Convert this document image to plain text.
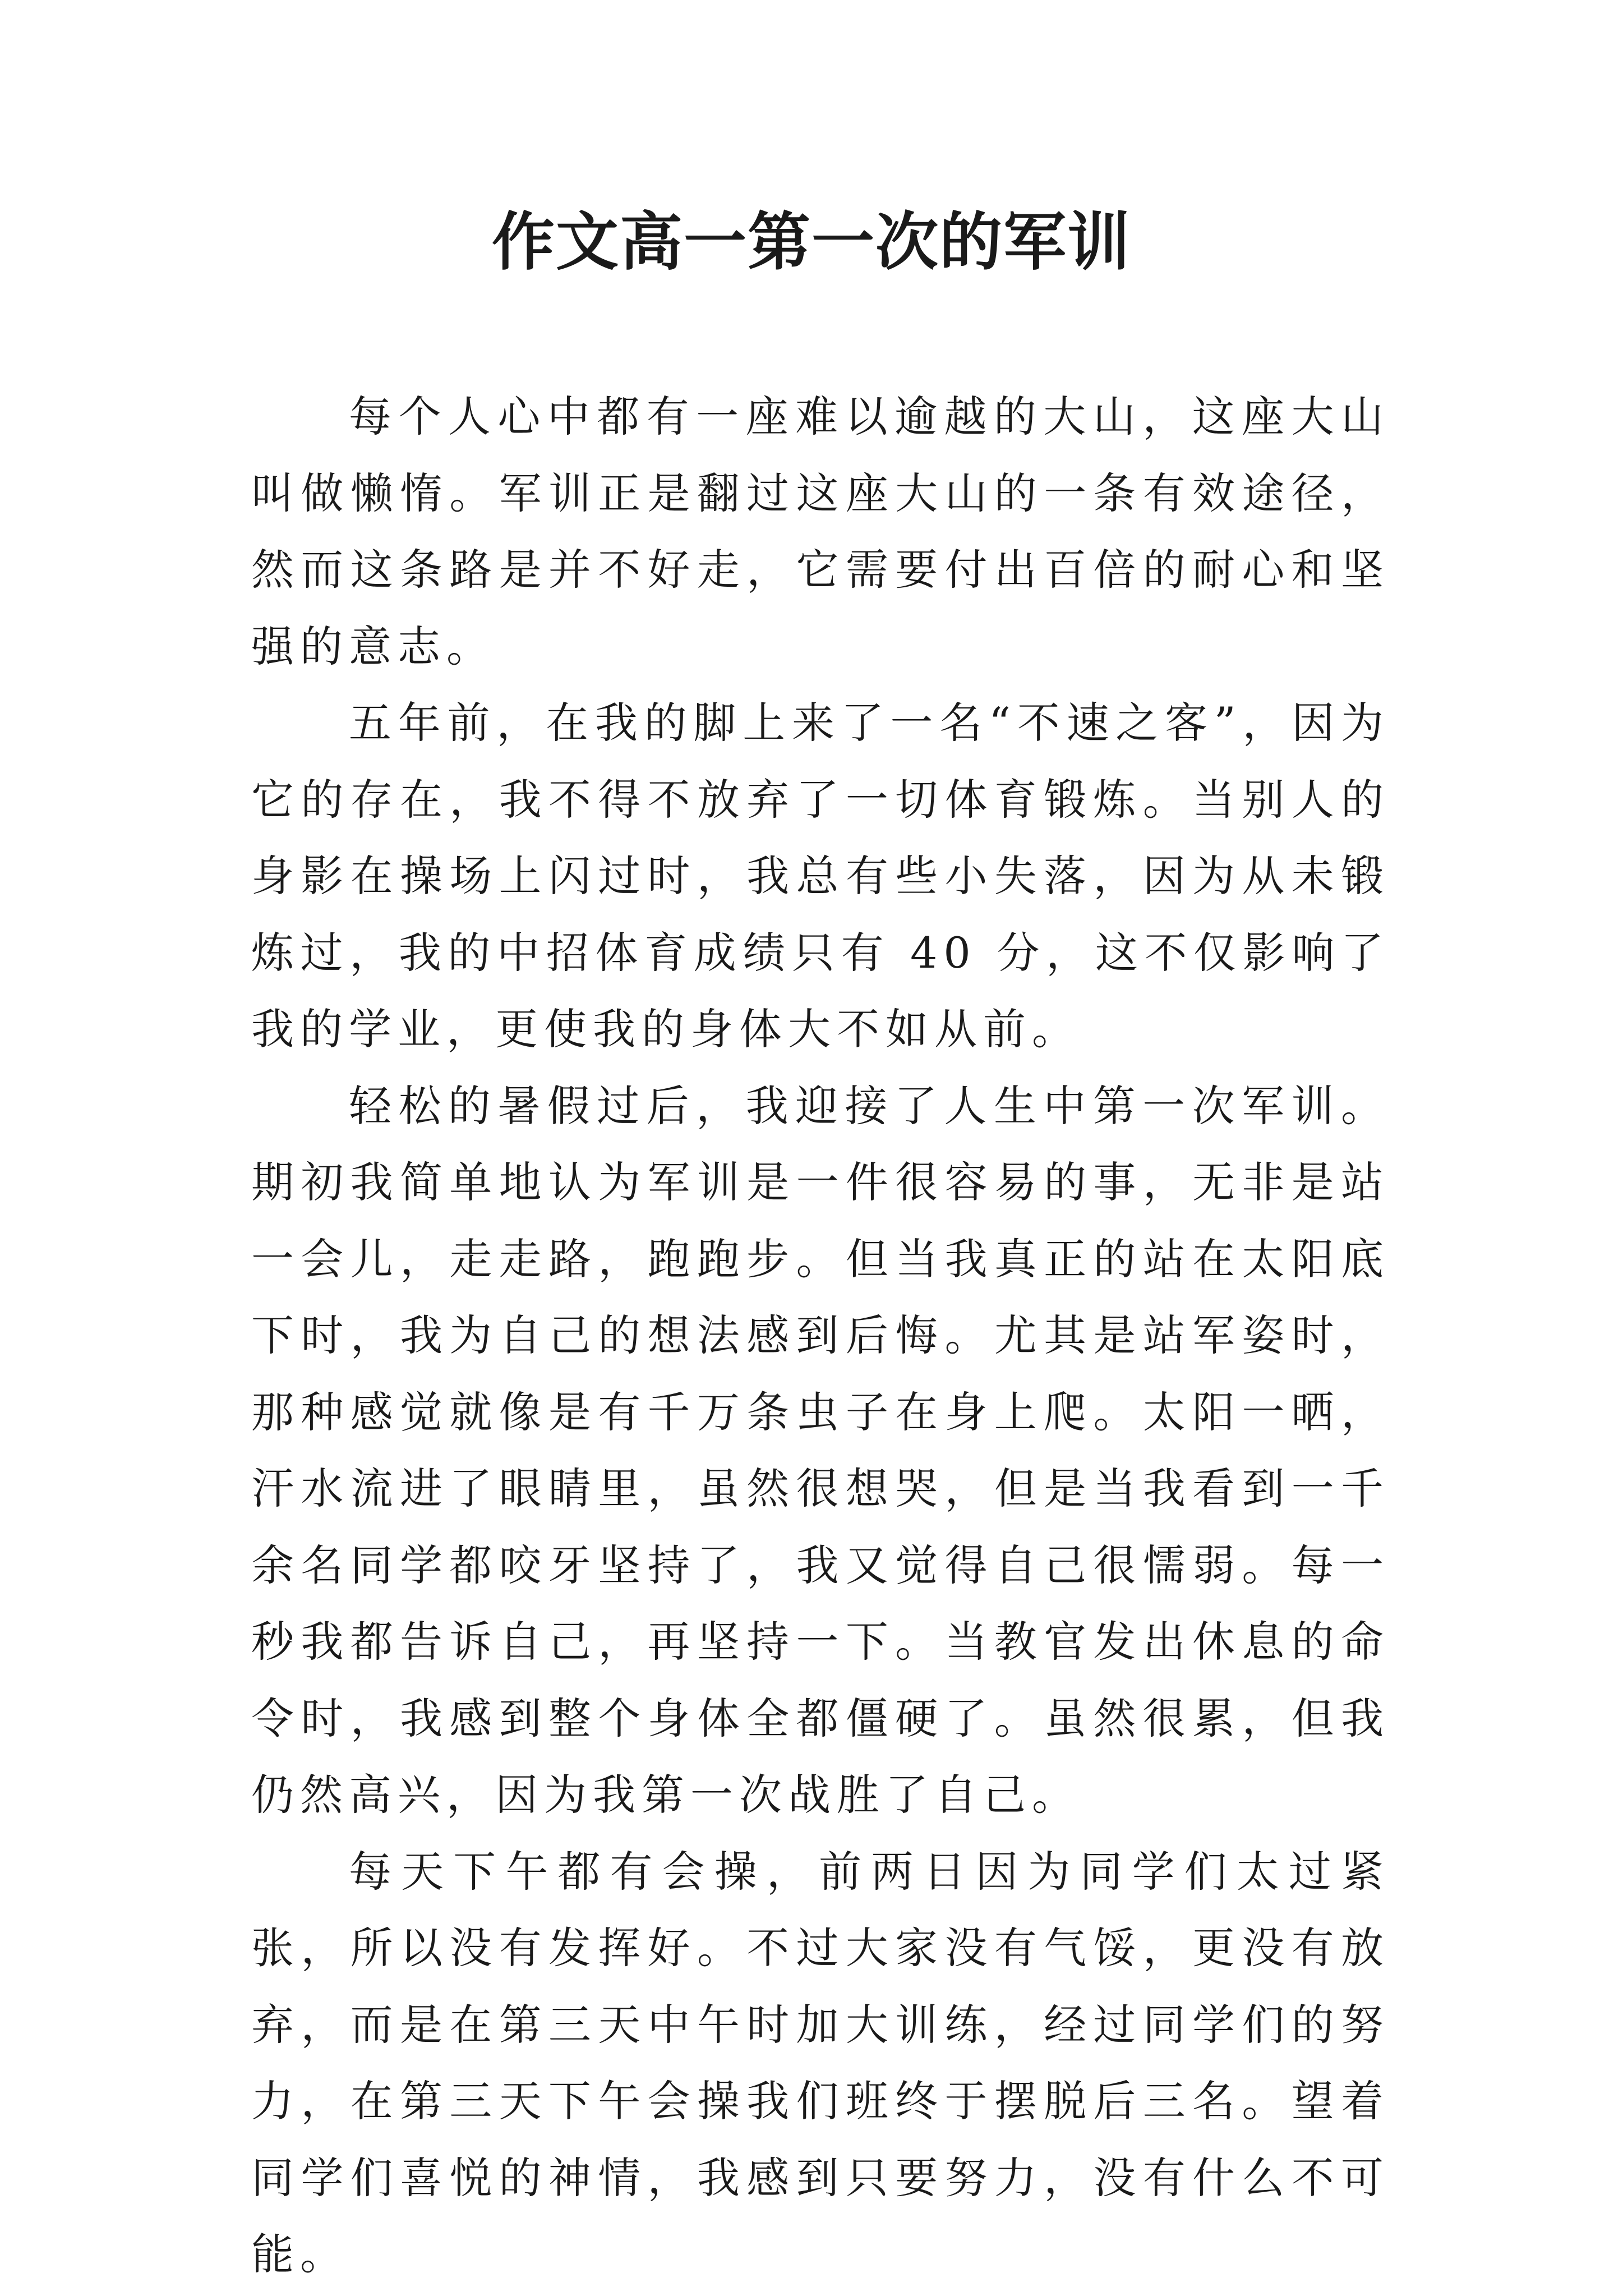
作文高一第一次的军训

每个人心中都有一座难以逾越的大山，这座大山叫做懒惰。军训正是翻过这座大山的一条有效途径，然而这条路是并不好走，它需要付出百倍的耐心和坚强的意志。

五年前，在我的脚上来了一名“不速之客”，因为它的存在，我不得不放弃了一切体育锻炼。当别人的身影在操场上闪过时，我总有些小失落，因为从未锻炼过，我的中招体育成绩只有 40 分，这不仅影响了我的学业，更使我的身体大不如从前。

轻松的暑假过后，我迎接了人生中第一次军训。期初我简单地认为军训是一件很容易的事，无非是站一会儿，走走路，跑跑步。但当我真正的站在太阳底下时，我为自己的想法感到后悔。尤其是站军姿时，那种感觉就像是有千万条虫子在身上爬。太阳一晒，汗水流进了眼睛里，虽然很想哭，但是当我看到一千余名同学都咬牙坚持了，我又觉得自己很懦弱。每一秒我都告诉自己，再坚持一下。当教官发出休息的命令时，我感到整个身体全都僵硬了。虽然很累，但我仍然高兴，因为我第一次战胜了自己。

每天下午都有会操，前两日因为同学们太过紧张，所以没有发挥好。不过大家没有气馁，更没有放弃，而是在第三天中午时加大训练，经过同学们的努力，在第三天下午会操我们班终于摆脱后三名。望着同学们喜悦的神情，我感到只要努力，没有什么不可能。
